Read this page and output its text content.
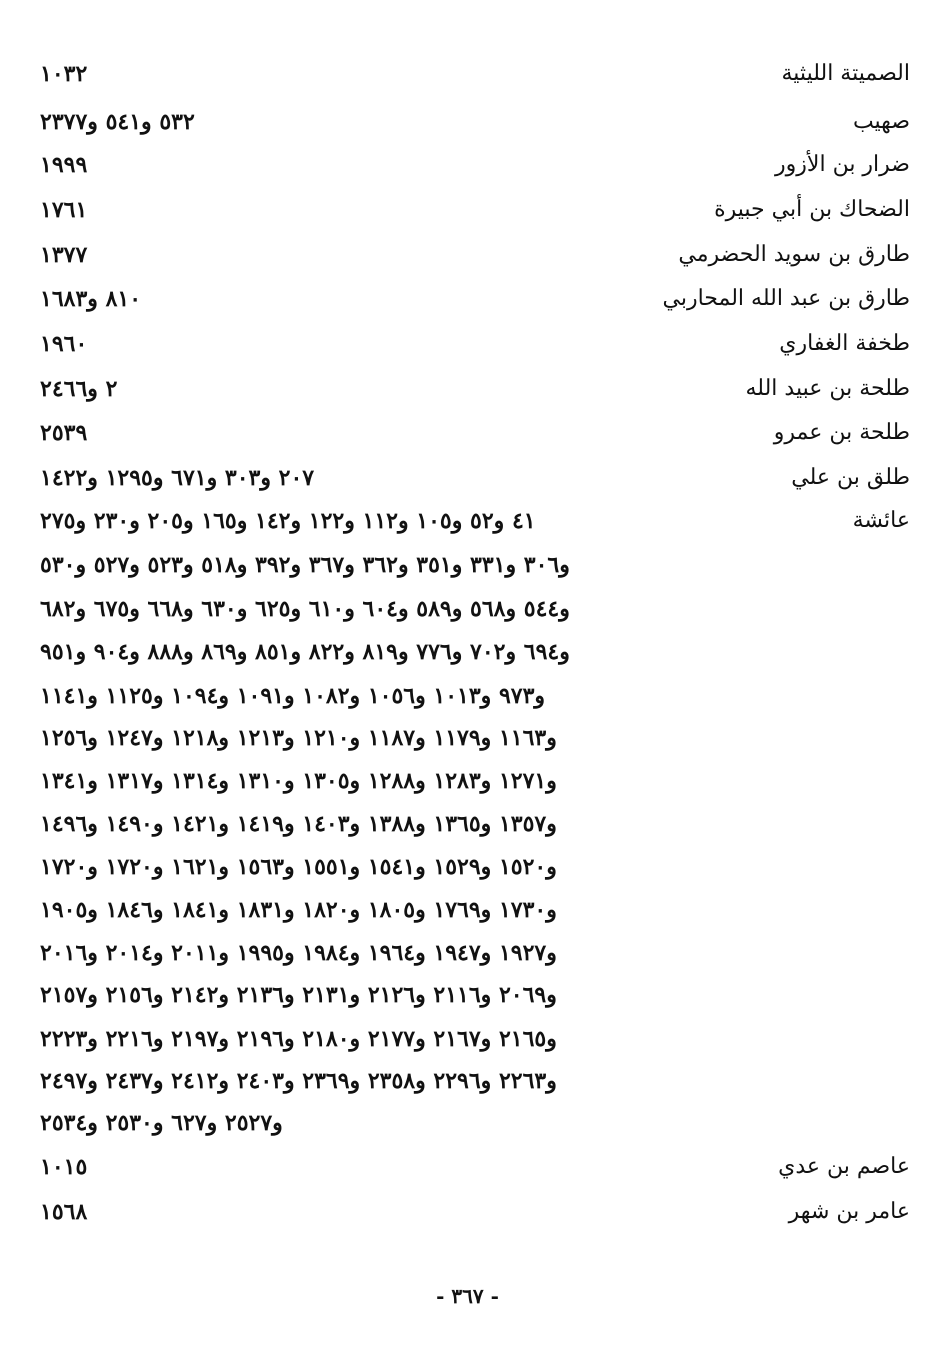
الصميتة الليثية
١٠٣٢
صهيب
٥٣٢ و٥٤١ و٢٣٧٧
ضرار بن الأزور
١٩٩٩
الضحاك بن أبي جبيرة
١٧٦١
طارق بن سويد الحضرمي
١٣٧٧
طارق بن عبد الله المحاربي
٨١٠ و١٦٨٣
طخفة الغفاري
١٩٦٠
طلحة بن عبيد الله
٢ و٢٤٦٦
طلحة بن عمرو
٢٥٣٩
طلق بن علي
٢٠٧ و٣٠٣ و٦٧١ و١٢٩٥ و١٤٢٢
عائشة
٤١ و٥٢ و١٠٥ و١١٢ و١٢٢ و١٤٢ و١٦٥ و٢٠٥ و٢٣٠ و٢٧٥
و٣٠٦ و٣٣١ و٣٥١ و٣٦٢ و٣٦٧ و٣٩٢ و٥١٨ و٥٢٣ و٥٢٧ و٥٣٠
و٥٤٤ و٥٦٨ و٥٨٩ و٦٠٤ و٦١٠ و٦٢٥ و٦٣٠ و٦٦٨ و٦٧٥ و٦٨٢
و٦٩٤ و٧٠٢ و٧٧٦ و٨١٩ و٨٢٢ و٨٥١ و٨٦٩ و٨٨٨ و٩٠٤ و٩٥١
و٩٧٣ و١٠١٣ و١٠٥٦ و١٠٨٢ و١٠٩١ و١٠٩٤ و١١٢٥ و١١٤١
و١١٦٣ و١١٧٩ و١١٨٧ و١٢١٠ و١٢١٣ و١٢١٨ و١٢٤٧ و١٢٥٦
و١٢٧١ و١٢٨٣ و١٢٨٨ و١٣٠٥ و١٣١٠ و١٣١٤ و١٣١٧ و١٣٤١
و١٣٥٧ و١٣٦٥ و١٣٨٨ و١٤٠٣ و١٤١٩ و١٤٢١ و١٤٩٠ و١٤٩٦
و١٥٢٠ و١٥٢٩ و١٥٤١ و١٥٥١ و١٥٦٣ و١٦٢١ و١٧٢٠ و١٧٢٠
و١٧٣٠ و١٧٦٩ و١٨٠٥ و١٨٢٠ و١٨٣١ و١٨٤١ و١٨٤٦ و١٩٠٥
و١٩٢٧ و١٩٤٧ و١٩٦٤ و١٩٨٤ و١٩٩٥ و٢٠١١ و٢٠١٤ و٢٠١٦
و٢٠٦٩ و٢١١٦ و٢١٢٦ و٢١٣١ و٢١٣٦ و٢١٤٢ و٢١٥٦ و٢١٥٧
و٢١٦٥ و٢١٦٧ و٢١٧٧ و٢١٨٠ و٢١٩٦ و٢١٩٧ و٢٢١٦ و٢٢٢٣
و٢٢٦٣ و٢٢٩٦ و٢٣٥٨ و٢٣٦٩ و٢٤٠٣ و٢٤١٢ و٢٤٣٧ و٢٤٩٧
و٢٥٢٧ و٦٢٧ و٢٥٣٠ و٢٥٣٤
عاصم بن عدي
١٠١٥
عامر بن شهر
١٥٦٨
- ٣٦٧ -
